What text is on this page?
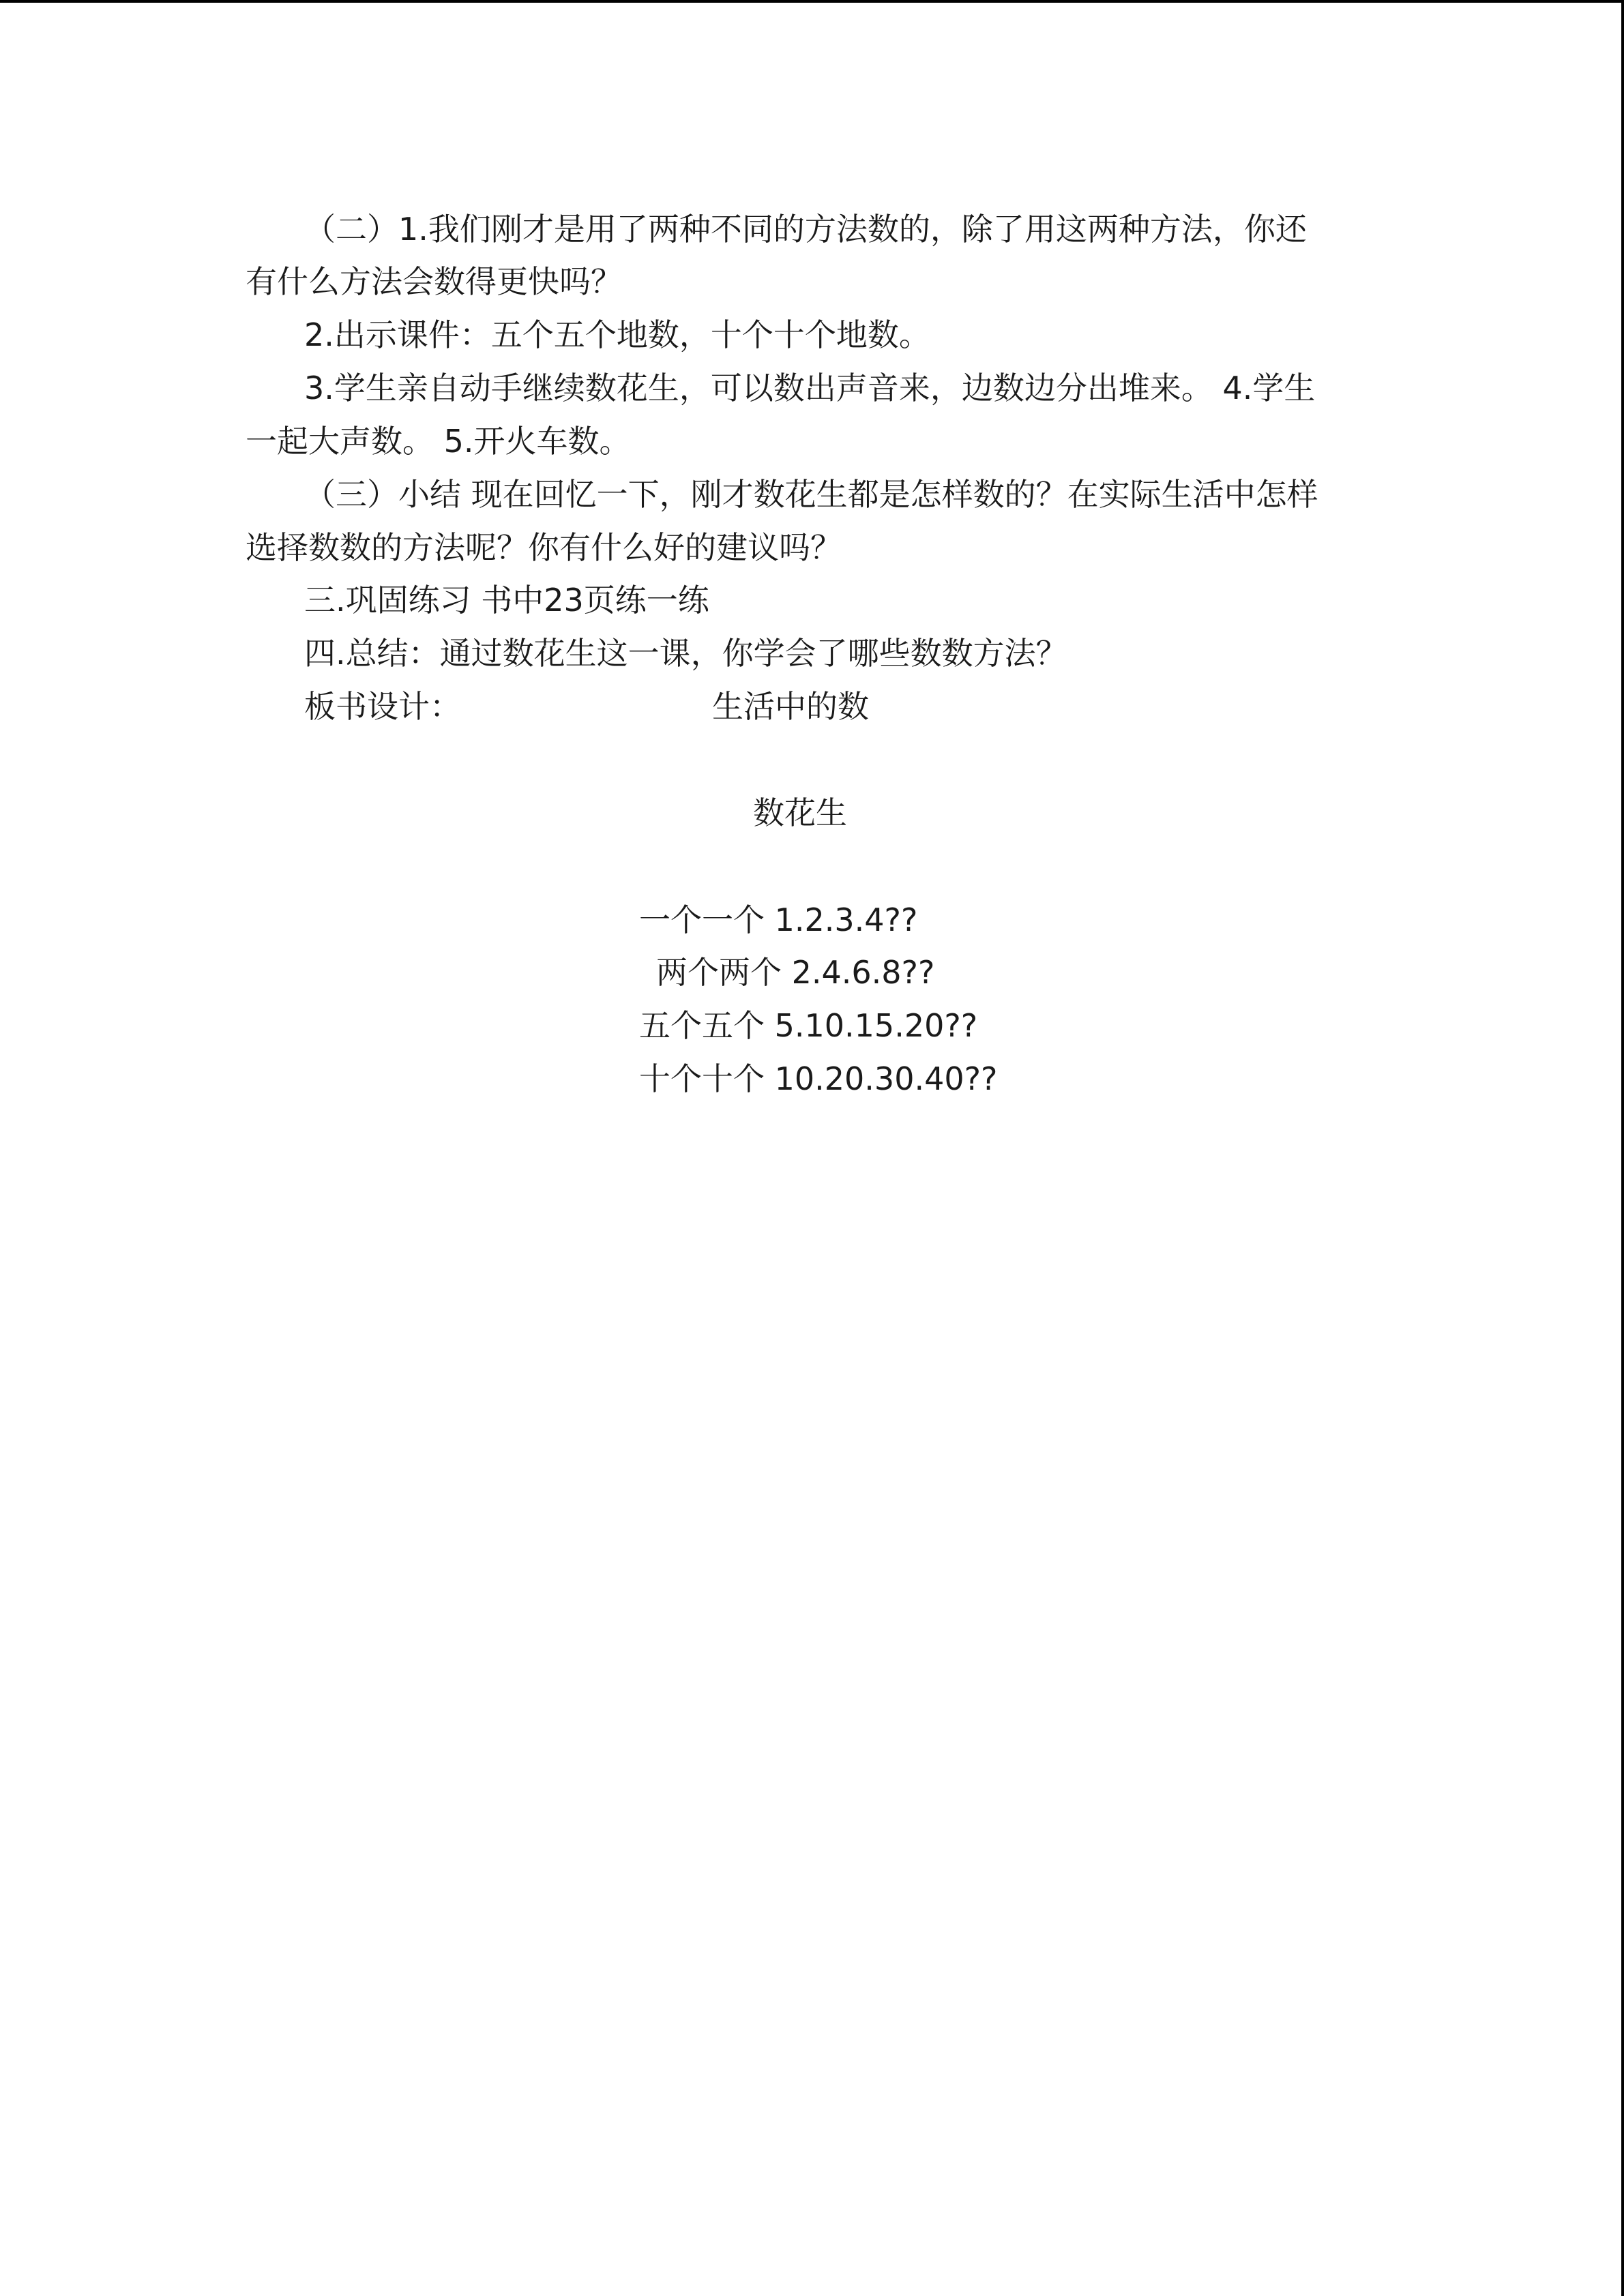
（二）1.我们刚才是用了两种不同的方法数的，除了用这两种方法，你还
有什么方法会数得更快吗？
2.出示课件：五个五个地数，十个十个地数。
3.学生亲自动手继续数花生，可以数出声音来，边数边分出堆来。 4.学生
一起大声数。 5.开火车数。
（三）小结 现在回忆一下，刚才数花生都是怎样数的？在实际生活中怎样
选择数数的方法呢？你有什么好的建议吗？
三.巩固练习 书中23页练一练
四.总结：通过数花生这一课，你学会了哪些数数方法？
板书设计：	生活中的数
数花生
一个一个 1.2.3.4??
两个两个 2.4.6.8??
五个五个 5.10.15.20??
十个十个 10.20.30.40??
